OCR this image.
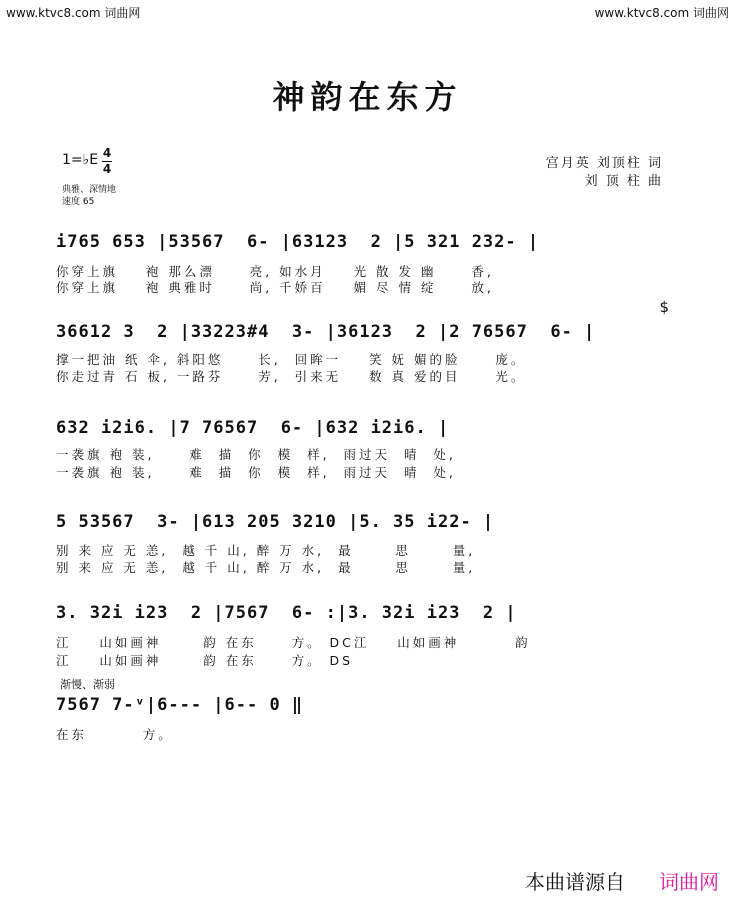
www.ktvc8.com 词曲网	www.ktvc8.com 词曲网
神韵在东方
1=♭E 4
4
典雅、深情地
速度 65
宫月英 刘顶柱 词
刘 顶 柱 曲
$
i765 653 |53567  6- |63123  2 |5 321 232- |
你穿上旗    袍 那么漂     亮, 如水月    光 散 发 幽     香,
你穿上旗    袍 典雅时     尚, 千娇百    媚 尽 情 绽     放,
36612 3  2 |33223#4  3- |36123  2 |2 76567  6- |
撑一把油 纸 伞, 斜阳悠     长,  回眸一    笑 妩 媚的脸     庞。
你走过青 石 板, 一路芬     芳,  引来无    数 真 爱的目     光。
632 i2i6. |7 76567  6- |632 i2i6. |
一袭旗 袍 装,     难  描  你  模  样,  雨过天  晴  处,
一袭旗 袍 装,     难  描  你  模  样,  雨过天  晴  处,
5 53567  3- |613 205 3210 |5. 35 i22- |
别 来 应 无 恙,  越 千 山, 醉 万 水,  最      思      量,
别 来 应 无 恙,  越 千 山, 醉 万 水,  最      思      量,
3. 32i i23  2 |7567  6- :|3. 32i i23  2 |
江    山如画神      韵 在东     方。 DC江    山如画神        韵
江    山如画神      韵 在东     方。 DS
渐慢、渐弱
7567 7-ᵛ|6--- |6-- 0 ‖
在东        方。
本曲谱源自 词曲网
